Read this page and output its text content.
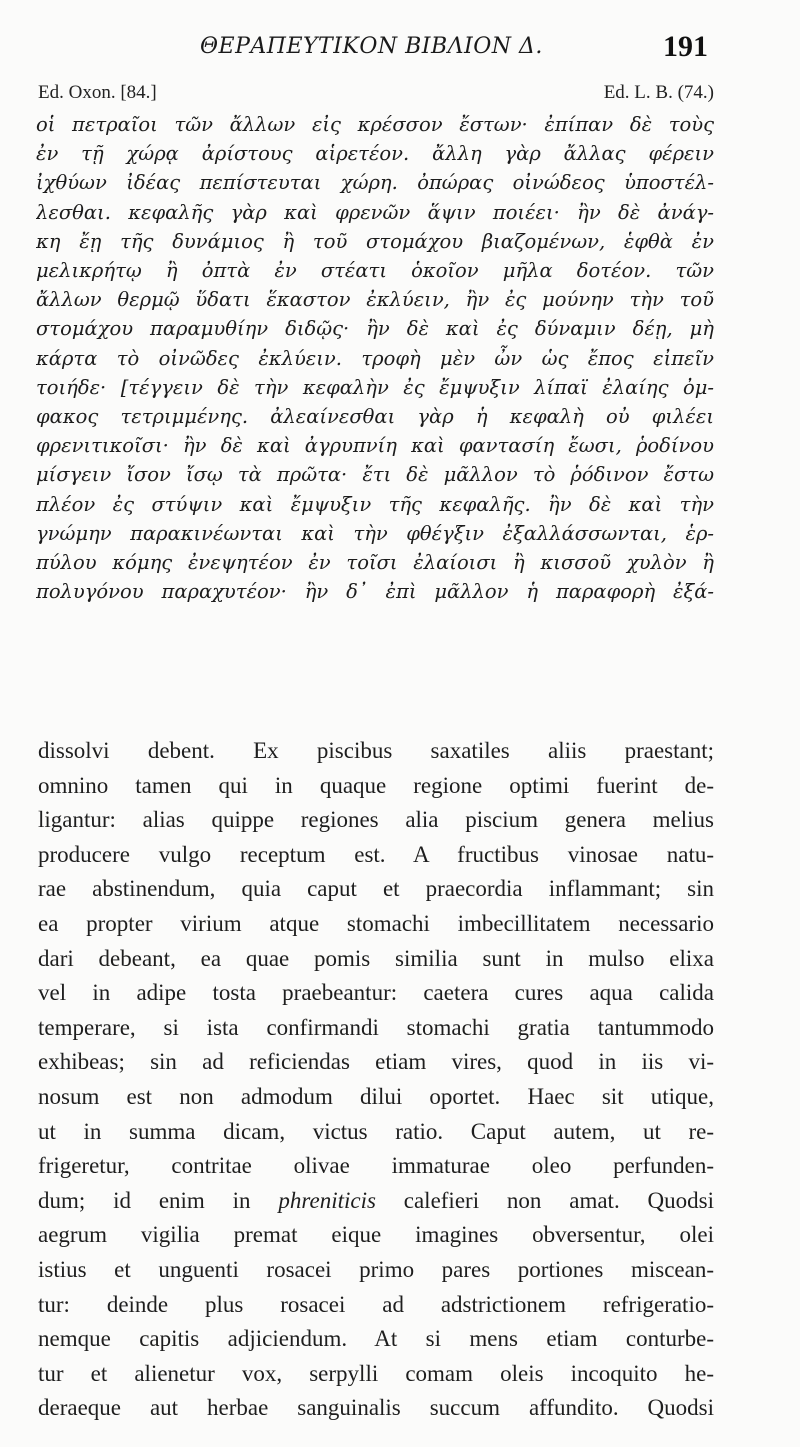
ΘΕΡΑΠΕΥΤΙΚΟΝ ΒΙΒΛΙΟΝ Δ.	191
Ed. Oxon. [84.]	Ed. L. B. (74.)
οἱ πετραῖοι τῶν ἄλλων εἰς κρέσσον ἔστων· ἐπίπαν δὲ τοὺς
ἐν τῇ χώρᾳ ἀρίστους αἱρετέον. ἄλλη γὰρ ἄλλας φέρειν
ἰχθύων ἰδέας πεπίστευται χώρη. ὀπώρας οἰνώδεος ὑποστέλ-
λεσθαι. κεφαλῆς γὰρ καὶ φρενῶν ἅψιν ποιέει· ἢν δὲ ἀνάγ-
κη ἔῃ τῆς δυνάμιος ἢ τοῦ στομάχου βιαζομένων, ἑφθὰ ἐν
μελικρήτῳ ἢ ὀπτὰ ἐν στέατι ὁκοῖον μῆλα δοτέον. τῶν
ἄλλων θερμῷ ὕδατι ἕκαστον ἐκλύειν, ἢν ἐς μούνην τὴν τοῦ
στομάχου παραμυθίην διδῷς· ἢν δὲ καὶ ἐς δύναμιν δέῃ, μὴ
κάρτα τὸ οἰνῶδες ἐκλύειν. τροφὴ μὲν ὦν ὡς ἔπος εἰπεῖν
τοιήδε· [τέγγειν δὲ τὴν κεφαλὴν ἐς ἔμψυξιν λίπαϊ ἐλαίης ὀμ-
φακος τετριμμένης. ἀλεαίνεσθαι γὰρ ἡ κεφαλὴ οὐ φιλέει
φρενιτικοῖσι· ἢν δὲ καὶ ἀγρυπνίη καὶ φαντασίη ἔωσι, ῥοδίνου
μίσγειν ἴσον ἴσῳ τὰ πρῶτα· ἔτι δὲ μᾶλλον τὸ ῥόδινον ἔστω
πλέον ἐς στύψιν καὶ ἔμψυξιν τῆς κεφαλῆς. ἢν δὲ καὶ τὴν
γνώμην παρακινέωνται καὶ τὴν φθέγξιν ἐξαλλάσσωνται, ἑρ-
πύλου κόμης ἐνεψητέον ἐν τοῖσι ἐλαίοισι ἢ κισσοῦ χυλὸν ἢ
πολυγόνου παραχυτέον· ἢν δ᾽ ἐπὶ μᾶλλον ἡ παραφορὴ ἐξά-
dissolvi debent. Ex piscibus saxatiles aliis praestant;
omnino tamen qui in quaque regione optimi fuerint de-
ligantur: alias quippe regiones alia piscium genera melius
producere vulgo receptum est. A fructibus vinosae natu-
rae abstinendum, quia caput et praecordia inflammant; sin
ea propter virium atque stomachi imbecillitatem necessario
dari debeant, ea quae pomis similia sunt in mulso elixa
vel in adipe tosta praebeantur: caetera cures aqua calida
temperare, si ista confirmandi stomachi gratia tantummodo
exhibeas; sin ad reficiendas etiam vires, quod in iis vi-
nosum est non admodum dilui oportet. Haec sit utique,
ut in summa dicam, victus ratio. Caput autem, ut re-
frigeretur, contritae olivae immaturae oleo perfunden-
dum; id enim in phreniticis calefieri non amat. Quodsi
aegrum vigilia premat eique imagines obversentur, olei
istius et unguenti rosacei primo pares portiones miscean-
tur: deinde plus rosacei ad adstrictionem refrigeratio-
nemque capitis adjiciendum. At si mens etiam conturbe-
tur et alienetur vox, serpylli comam oleis incoquito he-
deraeque aut herbae sanguinalis succum affundito. Quodsi
